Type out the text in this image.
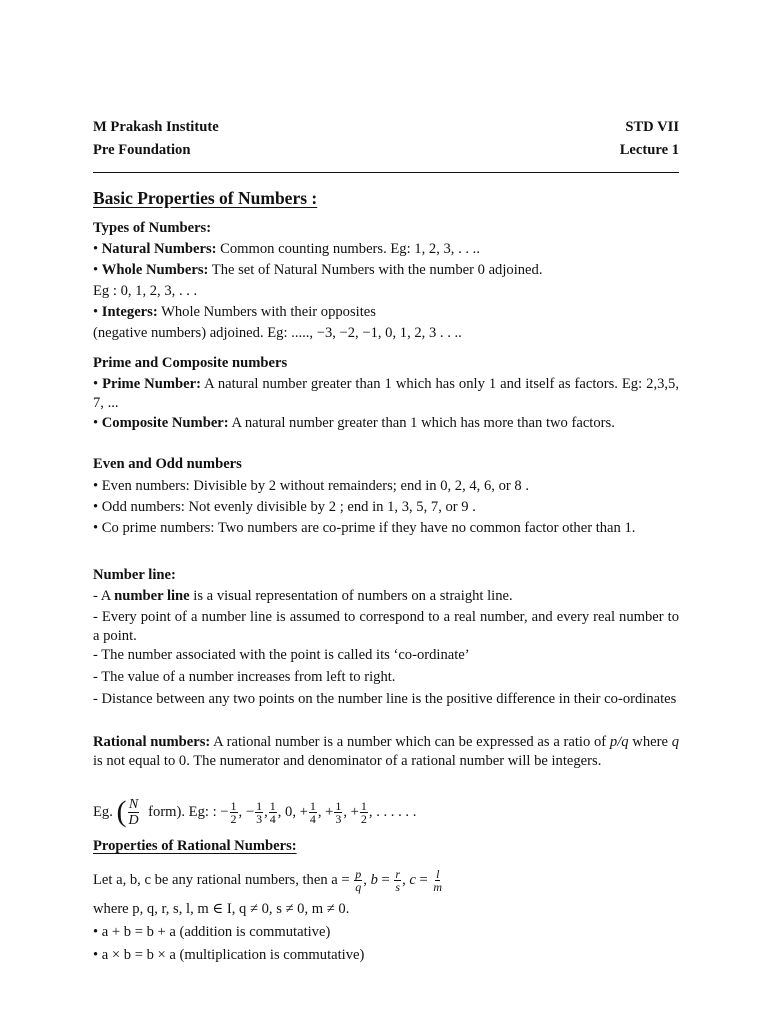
M Prakash Institute	STD VII
Pre Foundation	Lecture 1
Basic Properties of Numbers :

Types of Numbers:

• Natural Numbers: Common counting numbers. Eg: 1, 2, 3, . . ..

• Whole Numbers: The set of Natural Numbers with the number 0 adjoined.

Eg : 0, 1, 2, 3, . . .

• Integers: Whole Numbers with their opposites

(negative numbers) adjoined. Eg: ....., −3, −2, −1, 0, 1, 2, 3 . . ..

Prime and Composite numbers

• Prime Number: A natural number greater than 1 which has only 1 and itself as factors. Eg: 2,3,5, 7, ...

• Composite Number: A natural number greater than 1 which has more than two factors.

Even and Odd numbers

• Even numbers: Divisible by 2 without remainders; end in 0, 2, 4, 6, or 8 .

• Odd numbers: Not evenly divisible by 2 ; end in 1, 3, 5, 7, or 9 .

• Co prime numbers: Two numbers are co-prime if they have no common factor other than 1.

Number line:

- A number line is a visual representation of numbers on a straight line.

- Every point of a number line is assumed to correspond to a real number, and every real number to a point.

- The number associated with the point is called its ‘co-ordinate’

- The value of a number increases from left to right.

- Distance between any two points on the number line is the positive difference in their co-ordinates

Rational numbers: A rational number is a number which can be expressed as a ratio of p/q where q is not equal to 0. The numerator and denominator of a rational number will be integers.

Eg.
( $\frac{N}{D}$
form). Eg: : − $\frac{1}{2}$ , − $\frac{1}{3}$ , $\frac{1}{4}$ , 0, + $\frac{1}{4}$ , + $\frac{1}{3}$ , + $\frac{1}{2}$ , . . . . . .

Properties of Rational Numbers:

Let a, b, c be any rational numbers, then a =
$\frac{p}{q}$ , $b = \frac{r}{s}$ , $c = \frac{l}{m}$

where p, q, r, s, l, m ∈ I, q ≠ 0, s ≠ 0, m ≠ 0.

• a + b = b + a (addition is commutative)

• a × b = b × a (multiplication is commutative)
